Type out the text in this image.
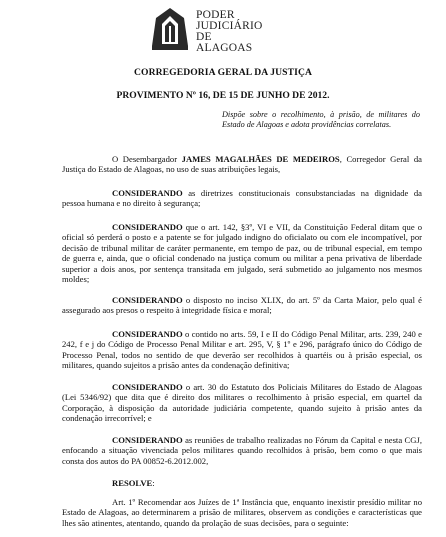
PODER
JUDICIÁRIO
DE ALAGOAS
CORREGEDORIA GERAL DA JUSTIÇA
PROVIMENTO Nº 16, DE 15 DE JUNHO DE 2012.
Dispõe sobre o recolhimento, à prisão, de militares do Estado de Alagoas e adota providências correlatas.

O Desembargador JAMES MAGALHÃES DE MEDEIROS, Corregedor Geral da Justiça do Estado de Alagoas, no uso de suas atribuições legais,

CONSIDERANDO as diretrizes constitucionais consubstanciadas na dignidade da pessoa humana e no direito à segurança;

CONSIDERANDO que o art. 142, §3º, VI e VII, da Constituição Federal ditam que o oficial só perderá o posto e a patente se for julgado indigno do oficialato ou com ele incompatível, por decisão de tribunal militar de caráter permanente, em tempo de paz, ou de tribunal especial, em tempo de guerra e, ainda, que o oficial condenado na justiça comum ou militar a pena privativa de liberdade superior a dois anos, por sentença transitada em julgado, será submetido ao julgamento nos mesmos moldes;

CONSIDERANDO o disposto no inciso XLIX, do art. 5º da Carta Maior, pelo qual é assegurado aos presos o respeito à integridade física e moral;

CONSIDERANDO o contido no arts. 59, I e II do Código Penal Militar, arts. 239, 240 e 242, f e j do Código de Processo Penal Militar e art. 295, V, § 1º e 296, parágrafo único do Código de Processo Penal, todos no sentido de que deverão ser recolhidos à quartéis ou à prisão especial, os militares, quando sujeitos a prisão antes da condenação definitiva;

CONSIDERANDO o art. 30 do Estatuto dos Policiais Militares do Estado de Alagoas (Lei 5346/92) que dita que é direito dos militares o recolhimento à prisão especial, em quartel da Corporação, à disposição da autoridade judiciária competente, quando sujeito à prisão antes da condenação irrecorrível; e

CONSIDERANDO as reuniões de trabalho realizadas no Fórum da Capital e nesta CGJ, enfocando a situação vivenciada pelos militares quando recolhidos à prisão, bem como o que mais consta dos autos do PA 00852-6.2012.002,

RESOLVE:

Art. 1º Recomendar aos Juízes de 1ª Instância que, enquanto inexistir presídio militar no Estado de Alagoas, ao determinarem a prisão de militares, observem as condições e características que lhes são atinentes, atentando, quando da prolação de suas decisões, para o seguinte:
